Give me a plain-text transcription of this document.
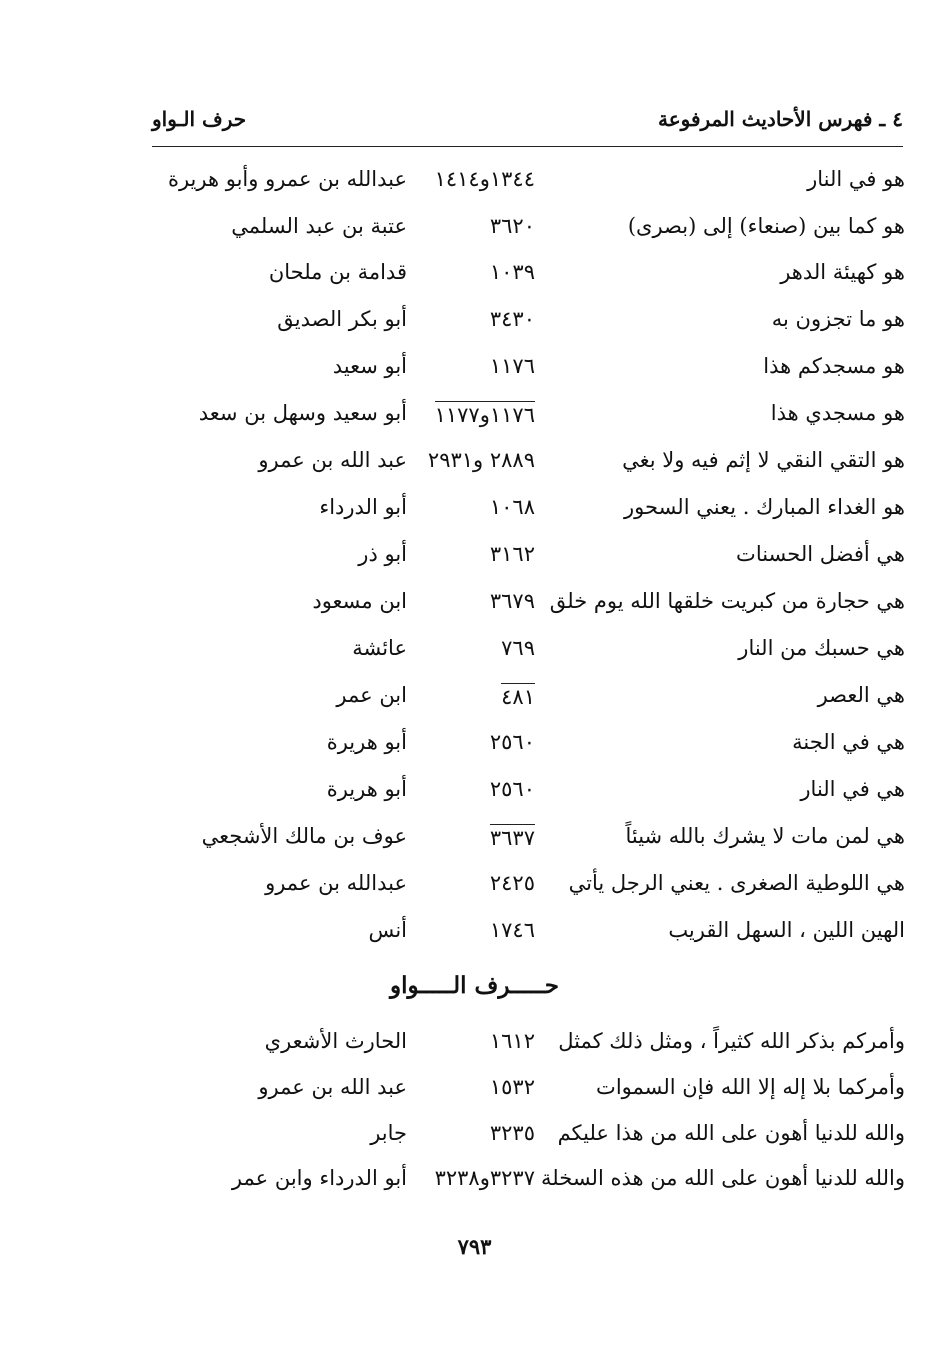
٤ ـ فهرس الأحاديث المرفوعة
حرف الـواو
هو في النار
١٣٤٤و١٤١٤
عبدالله بن عمرو وأبو هريرة
هو كما بين (صنعاء) إلى (بصرى)
٣٦٢٠
عتبة بن عبد السلمي
هو كهيئة الدهر
١٠٣٩
قدامة بن ملحان
هو ما تجزون به
٣٤٣٠
أبو بكر الصديق
هو مسجدكم هذا
١١٧٦
أبو سعيد
هو مسجدي هذا
١١٧٦و١١٧٧
أبو سعيد وسهل بن سعد
هو التقي النقي لا إثم فيه ولا بغي
٢٨٨٩ و٢٩٣١
عبد الله بن عمرو
هو الغداء المبارك . يعني السحور
١٠٦٨
أبو الدرداء
هي أفضل الحسنات
٣١٦٢
أبو ذر
هي حجارة من كبريت خلقها الله يوم خلق
٣٦٧٩
ابن مسعود
هي حسبك من النار
٧٦٩
عائشة
هي العصر
٤٨١
ابن عمر
هي في الجنة
٢٥٦٠
أبو هريرة
هي في النار
٢٥٦٠
أبو هريرة
هي لمن مات لا يشرك بالله شيئاً
٣٦٣٧
عوف بن مالك الأشجعي
هي اللوطية الصغرى . يعني الرجل يأتي
٢٤٢٥
عبدالله بن عمرو
الهين اللين ، السهل القريب
١٧٤٦
أنس
حـــــرف الـــــواو
وأمركم بذكر الله كثيراً ، ومثل ذلك كمثل
١٦١٢
الحارث الأشعري
وأمركما بلا إله إلا الله فإن السموات
١٥٣٢
عبد الله بن عمرو
والله للدنيا أهون على الله من هذا عليكم
٣٢٣٥
جابر
والله للدنيا أهون على الله من هذه السخلة
٣٢٣٧و٣٢٣٨
أبو الدرداء وابن عمر
٧٩٣
